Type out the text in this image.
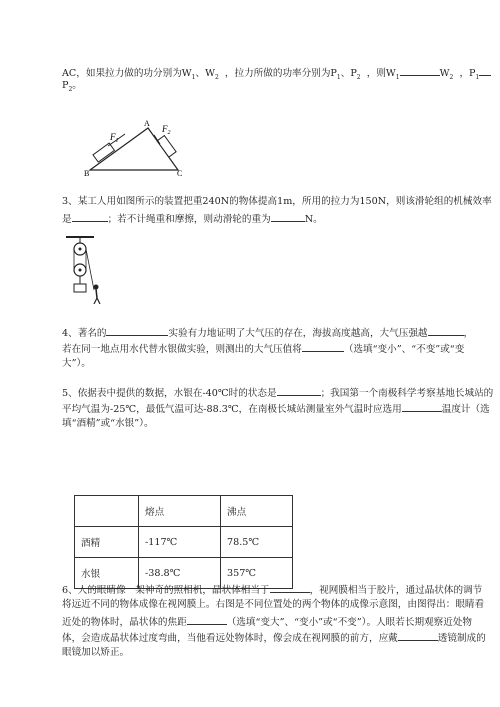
AC，如果拉力做的功分别为$W_1$、$W_2$ ，拉力所做的功率分别为$P_1$、$P_2$ ，则$W_1$	$W_2$ ，$P_1$
$P_2$。
A
B	C
$F_1$
$F_2$
3、某工人用如图所示的装置把重240N的物体提高1m，所用的拉力为150N，则该滑轮组的机械效率
是	；若不计绳重和摩擦，则动滑轮的重为	N。
4、著名的	实验有力地证明了大气压的存在，海拔高度越高，大气压强越	，
若在同一地点用水代替水银做实验，则测出的大气压值将	（选填“变小”、“不变”或“变
大”）。
5、依据表中提供的数据，水银在-40℃时的状态是	；我国第一个南极科学考察基地长城站的
平均气温为-25℃，最低气温可达-88.3℃，在南极长城站测量室外气温时应选用	温度计（选
填“酒精”或“水银”）。
	熔点	沸点
酒精	-117℃	78.5℃
水银	-38.8℃	357℃
6、人的眼睛像一架神奇的照相机，晶状体相当于	，视网膜相当于胶片，通过晶状体的调节
将远近不同的物体成像在视网膜上。右图是不同位置处的两个物体的成像示意图，由图得出：眼睛看
近处的物体时，晶状体的焦距	（选填“变大”、“变小”或“不变”）。人眼若长期观察近处物
体，会造成晶状体过度弯曲，当他看远处物体时，像会成在视网膜的前方，应戴	透镜制成的
眼镜加以矫正。
